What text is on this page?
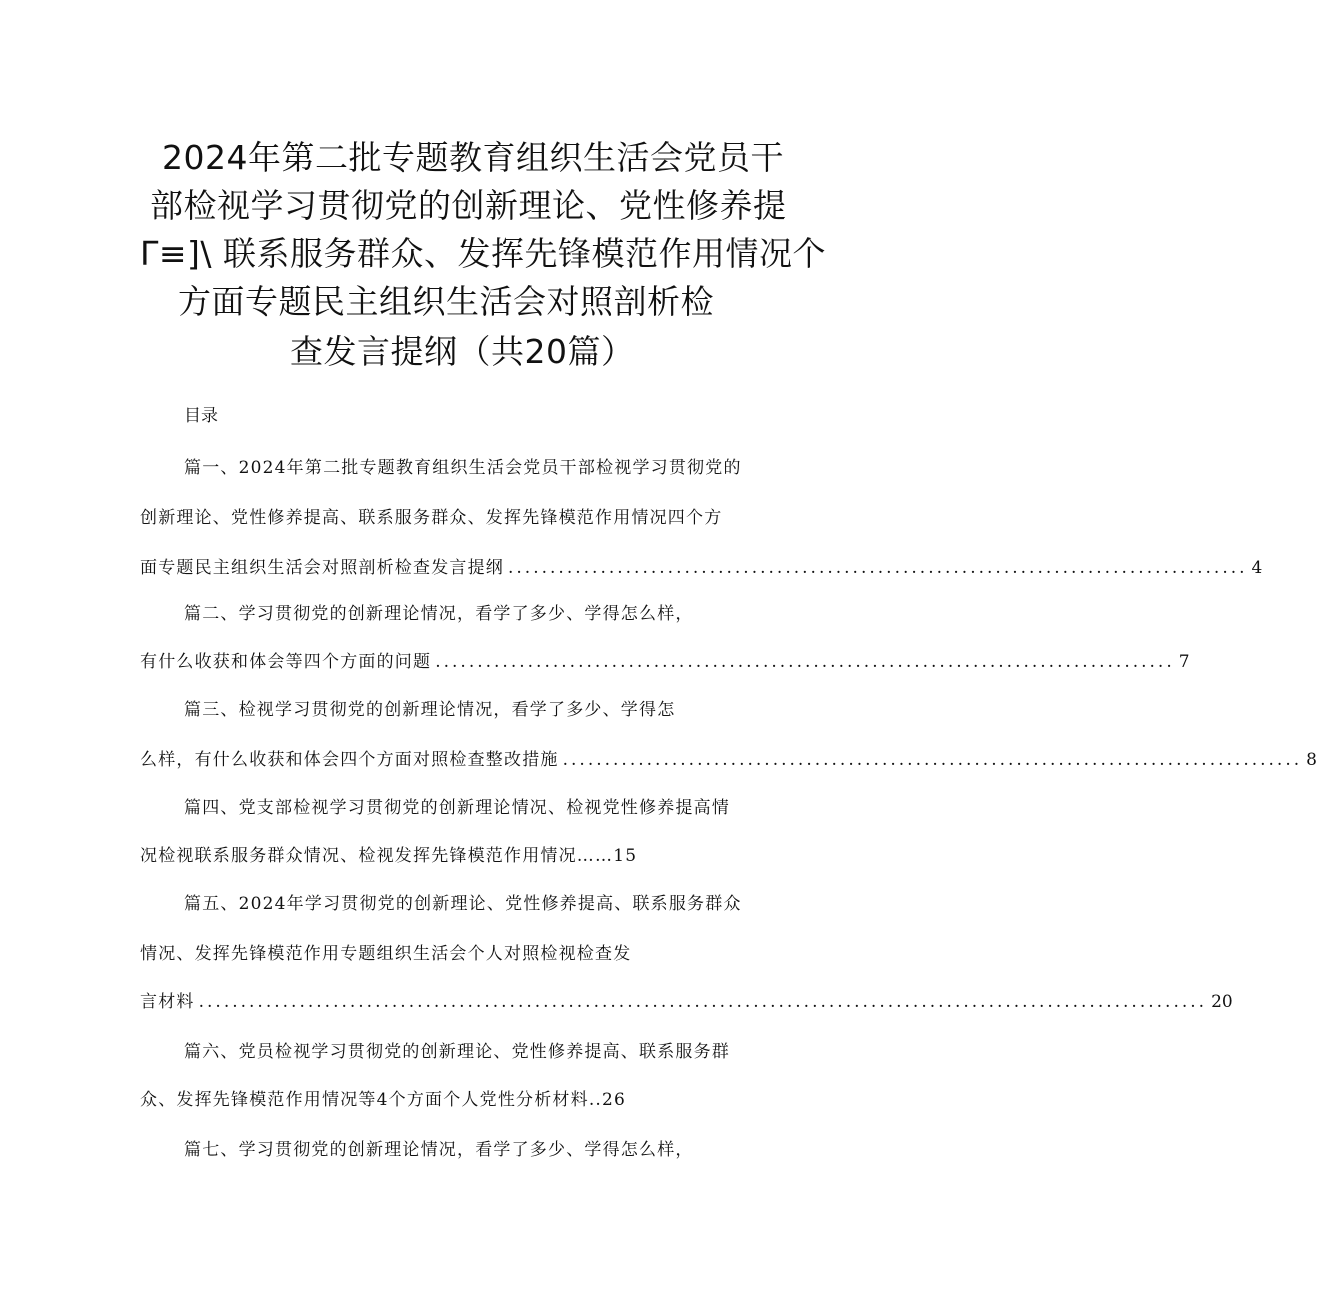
2024年第二批专题教育组织生活会党员干
部检视学习贯彻党的创新理论、党性修养提
Γ≡]\ 联系服务群众、发挥先锋模范作用情况个
方面专题民主组织生活会对照剖析检
查发言提纲（共20篇）
目录
篇一、2024年第二批专题教育组织生活会党员干部检视学习贯彻党的
创新理论、党性修养提高、联系服务群众、发挥先锋模范作用情况四个方
面专题民主组织生活会对照剖析检查发言提纲 ........................................................................................ 4
篇二、学习贯彻党的创新理论情况，看学了多少、学得怎么样，
有什么收获和体会等四个方面的问题 ........................................................................................ 7
篇三、检视学习贯彻党的创新理论情况，看学了多少、学得怎
么样，有什么收获和体会四个方面对照检查整改措施 ........................................................................................ 8
篇四、党支部检视学习贯彻党的创新理论情况、检视党性修养提高情
况检视联系服务群众情况、检视发挥先锋模范作用情况……15
篇五、2024年学习贯彻党的创新理论、党性修养提高、联系服务群众
情况、发挥先锋模范作用专题组织生活会个人对照检视检查发
言材料 ........................................................................................................................ 20
篇六、党员检视学习贯彻党的创新理论、党性修养提高、联系服务群
众、发挥先锋模范作用情况等4个方面个人党性分析材料..26
篇七、学习贯彻党的创新理论情况，看学了多少、学得怎么样，
